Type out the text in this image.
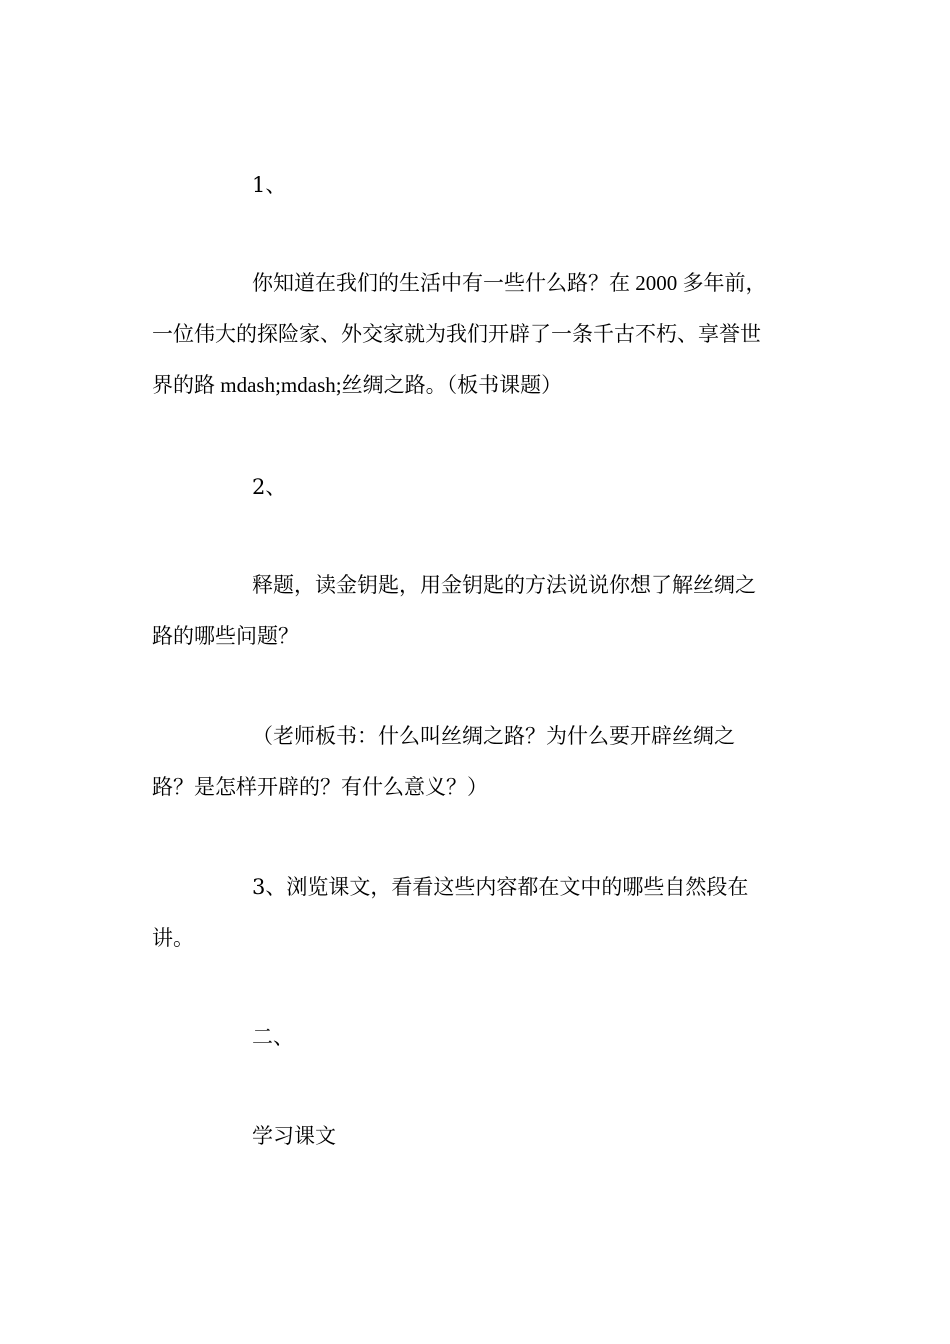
1、

你知道在我们的生活中有一些什么路？在 2000 多年前，
一位伟大的探险家、外交家就为我们开辟了一条千古不朽、享誉世
界的路 mdash;mdash;丝绸之路。（板书课题）

2、

释题，读金钥匙，用金钥匙的方法说说你想了解丝绸之
路的哪些问题？

（老师板书：什么叫丝绸之路？为什么要开辟丝绸之
路？是怎样开辟的？有什么意义？）

3、浏览课文，看看这些内容都在文中的哪些自然段在
讲。

二、

学习课文
